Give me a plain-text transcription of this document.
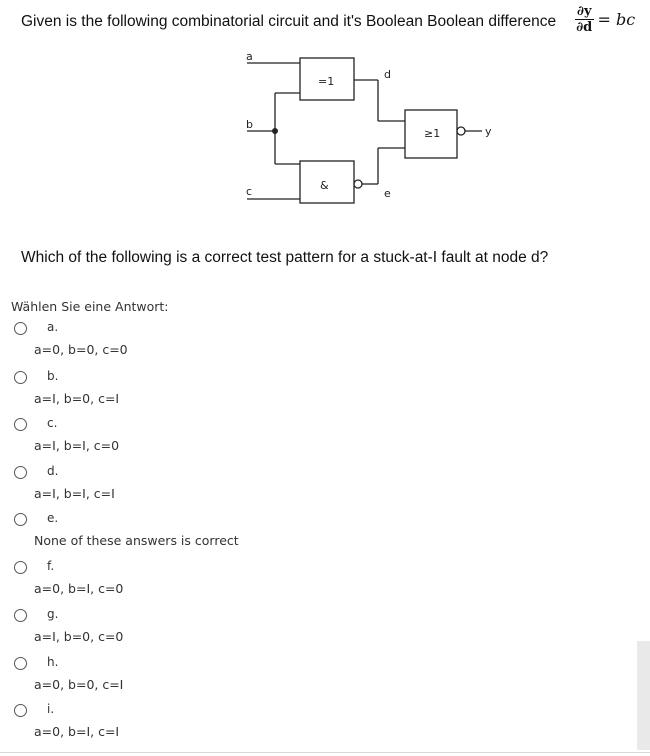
Given is the following combinatorial circuit and it's Boolean Boolean difference $\frac{\partial y}{\partial d}$ = bc
a
b
c
d
e
y
=1
&
≥1
Which of the following is a correct test pattern for a stuck-at-I fault at node d?
Wählen Sie eine Antwort:
a.
a=0, b=0, c=0
b.
a=I, b=0, c=I
c.
a=I, b=I, c=0
d.
a=I, b=I, c=I
e.
None of these answers is correct
f.
a=0, b=I, c=0
g.
a=I, b=0, c=0
h.
a=0, b=0, c=I
i.
a=0, b=I, c=I
